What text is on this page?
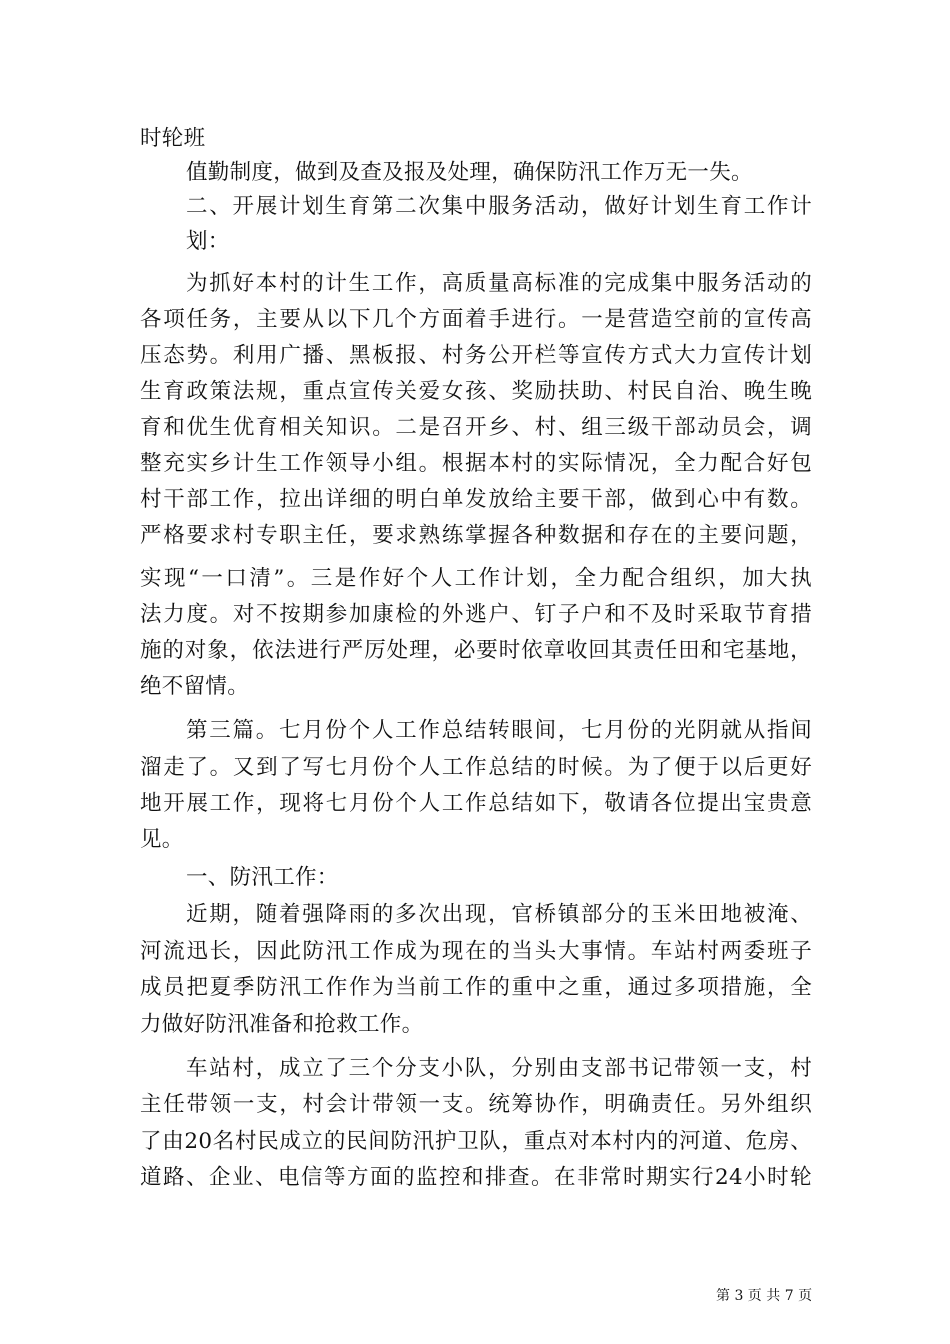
时轮班
值勤制度，做到及查及报及处理，确保防汛工作万无一失。
二、开展计划生育第二次集中服务活动，做好计划生育工作计
划：
为抓好本村的计生工作，高质量高标准的完成集中服务活动的
各项任务，主要从以下几个方面着手进行。一是营造空前的宣传高
压态势。利用广播、黑板报、村务公开栏等宣传方式大力宣传计划
生育政策法规，重点宣传关爱女孩、奖励扶助、村民自治、晚生晚
育和优生优育相关知识。二是召开乡、村、组三级干部动员会，调
整充实乡计生工作领导小组。根据本村的实际情况，全力配合好包
村干部工作，拉出详细的明白单发放给主要干部，做到心中有数。
严格要求村专职主任，要求熟练掌握各种数据和存在的主要问题，
实现“一口清”。三是作好个人工作计划，全力配合组织，加大执
法力度。对不按期参加康检的外逃户、钉子户和不及时采取节育措
施的对象，依法进行严厉处理，必要时依章收回其责任田和宅基地，
绝不留情。
第三篇。七月份个人工作总结转眼间，七月份的光阴就从指间
溜走了。又到了写七月份个人工作总结的时候。为了便于以后更好
地开展工作，现将七月份个人工作总结如下，敬请各位提出宝贵意
见。
一、防汛工作：
近期，随着强降雨的多次出现，官桥镇部分的玉米田地被淹、
河流迅长，因此防汛工作成为现在的当头大事情。车站村两委班子
成员把夏季防汛工作作为当前工作的重中之重，通过多项措施，全
力做好防汛准备和抢救工作。
车站村，成立了三个分支小队，分别由支部书记带领一支，村
主任带领一支，村会计带领一支。统筹协作，明确责任。另外组织
了由20名村民成立的民间防汛护卫队，重点对本村内的河道、危房、
道路、企业、电信等方面的监控和排查。在非常时期实行24小时轮
第 3 页 共 7 页
